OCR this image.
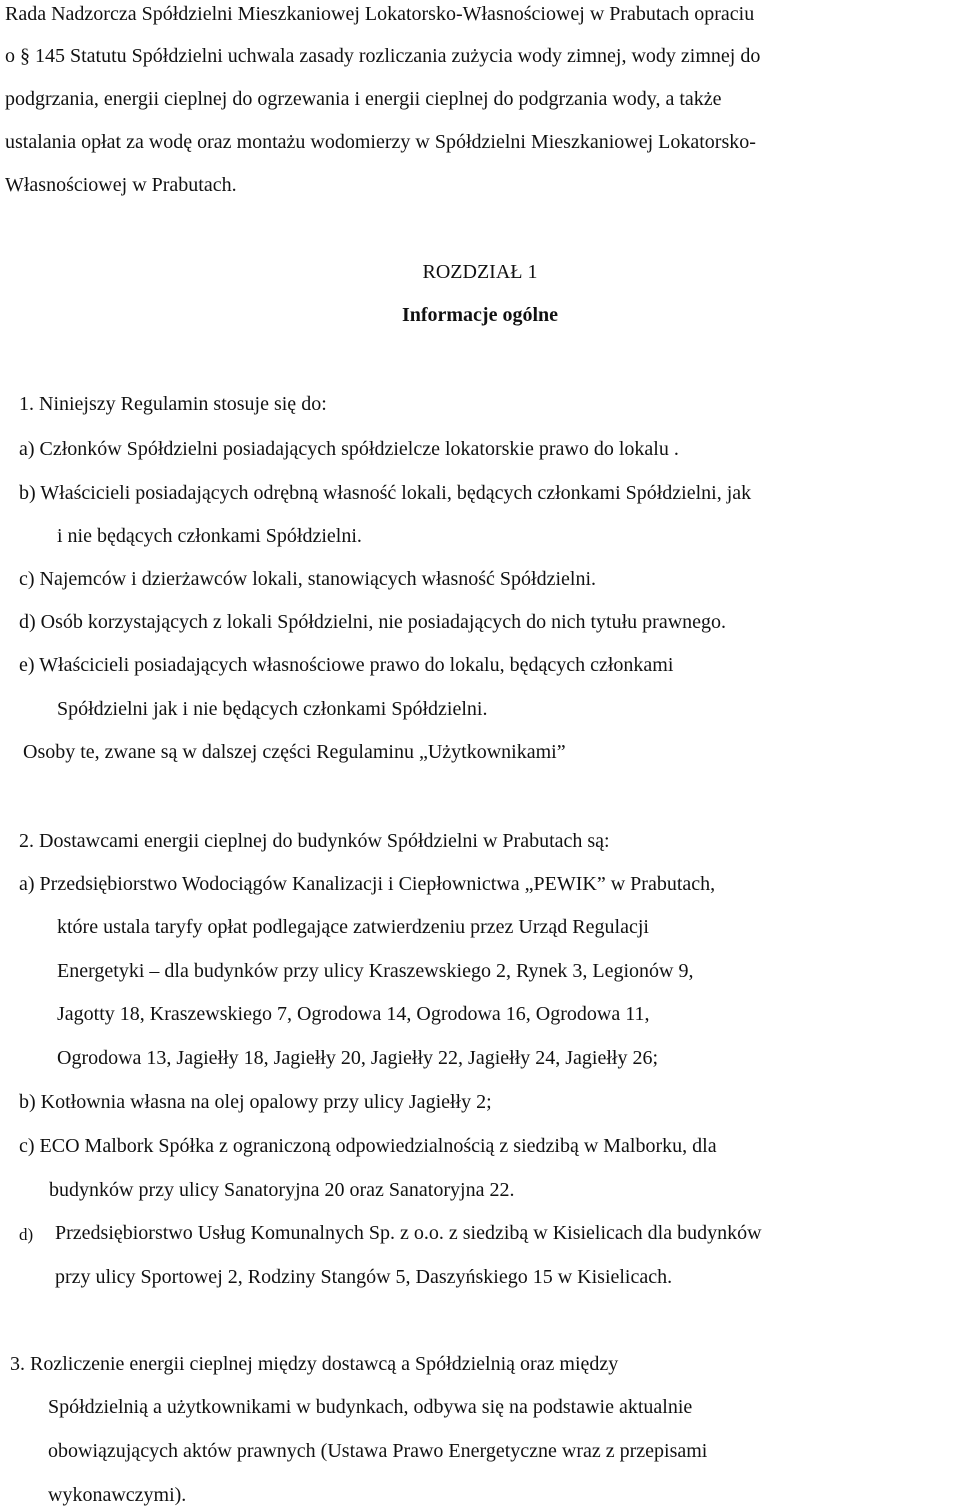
Rada Nadzorcza Spółdzielni Mieszkaniowej Lokatorsko-Własnościowej w Prabutach opraciu
o § 145 Statutu Spółdzielni uchwala zasady rozliczania zużycia wody zimnej, wody zimnej do
podgrzania, energii cieplnej do ogrzewania i energii cieplnej do podgrzania wody, a także
ustalania opłat za wodę oraz montażu wodomierzy w Spółdzielni Mieszkaniowej Lokatorsko-
Własnościowej w Prabutach.
ROZDZIAŁ 1
Informacje ogólne
1. Niniejszy Regulamin stosuje się do:
a) Członków Spółdzielni posiadających spółdzielcze lokatorskie prawo do lokalu .
b) Właścicieli posiadających odrębną własność lokali, będących członkami Spółdzielni, jak
i nie będących członkami Spółdzielni.
c) Najemców i dzierżawców lokali, stanowiących własność Spółdzielni.
d) Osób korzystających z lokali Spółdzielni, nie posiadających do nich tytułu prawnego.
e) Właścicieli posiadających własnościowe prawo do lokalu, będących członkami
Spółdzielni jak i nie będących członkami Spółdzielni.
Osoby te, zwane są w dalszej części Regulaminu „Użytkownikami”
2. Dostawcami energii cieplnej do budynków Spółdzielni w Prabutach są:
a) Przedsiębiorstwo Wodociągów Kanalizacji i Ciepłownictwa „PEWIK” w Prabutach,
które ustala taryfy opłat podlegające zatwierdzeniu przez Urząd Regulacji
Energetyki – dla budynków przy ulicy Kraszewskiego 2, Rynek 3, Legionów 9,
Jagotty 18, Kraszewskiego 7, Ogrodowa 14, Ogrodowa 16, Ogrodowa 11,
Ogrodowa 13, Jagiełły 18, Jagiełły 20, Jagiełły 22, Jagiełły 24, Jagiełły 26;
b) Kotłownia własna na olej opalowy przy ulicy Jagiełły 2;
c) ECO Malbork Spółka z ograniczoną odpowiedzialnością z siedzibą w Malborku, dla
budynków przy ulicy Sanatoryjna 20 oraz Sanatoryjna 22.
d) Przedsiębiorstwo Usług Komunalnych Sp. z o.o. z siedzibą w Kisielicach dla budynków
przy ulicy Sportowej 2, Rodziny Stangów 5, Daszyńskiego 15 w Kisielicach.
3. Rozliczenie energii cieplnej między dostawcą a Spółdzielnią oraz między
Spółdzielnią a użytkownikami w budynkach, odbywa się na podstawie aktualnie
obowiązujących aktów prawnych (Ustawa Prawo Energetyczne wraz z przepisami
wykonawczymi).
